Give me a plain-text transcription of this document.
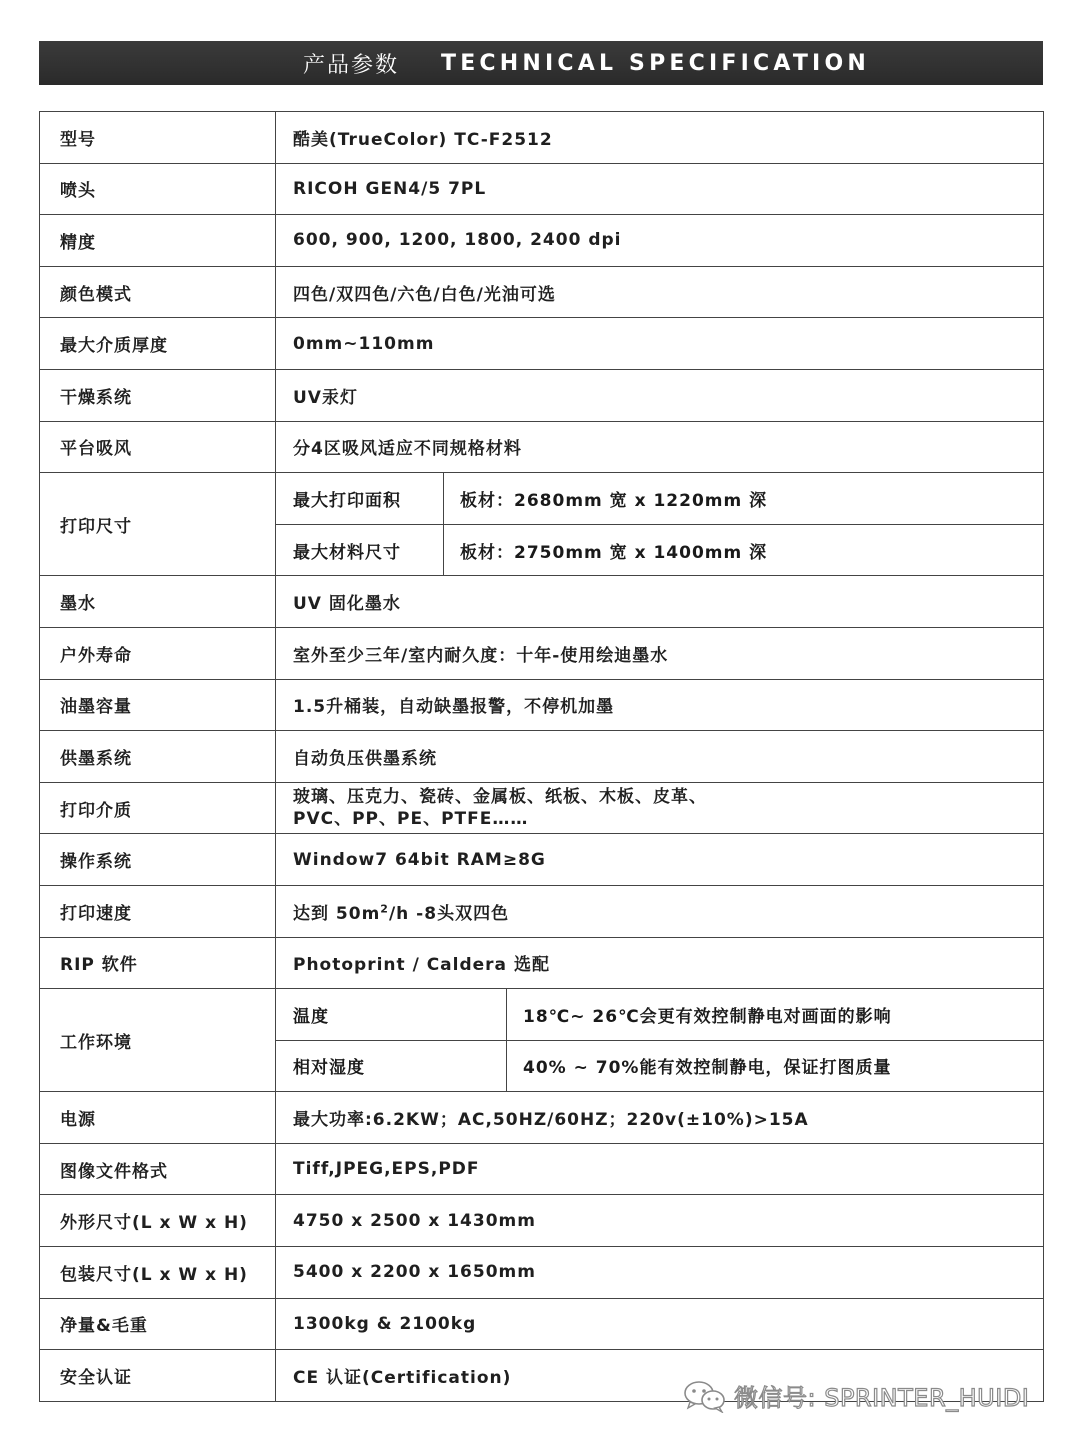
产品参数 TECHNICAL SPECIFICATION
型号	酷美(TrueColor) TC-F2512		
喷头	RICOH GEN4/5 7PL		
精度	600, 900, 1200, 1800, 2400 dpi		
颜色模式	四色/双四色/六色/白色/光油可选		
最大介质厚度	0mm~110mm		
干燥系统	UV汞灯		
平台吸风	分4区吸风适应不同规格材料		
打印尺寸	最大打印面积	板材：2680mm 宽 x 1220mm 深	
	最大材料尺寸	板材：2750mm 宽 x 1400mm 深	
墨水	UV 固化墨水		
户外寿命	室外至少三年/室内耐久度：十年-使用绘迪墨水		
油墨容量	1.5升桶装，自动缺墨报警，不停机加墨		
供墨系统	自动负压供墨系统		
打印介质	玻璃、压克力、瓷砖、金属板、纸板、木板、皮革、
PVC、PP、PE、PTFE……		

操作系统	Window7 64bit RAM≥8G		
打印速度	达到 $50m^2/h$ -8头双四色		
RIP 软件	Photoprint / Caldera 选配		
工作环境	温度		18℃~ 26℃会更有效控制静电对画面的影响
	相对湿度		40% ~ 70%能有效控制静电，保证打图质量
电源	最大功率:6.2KW；AC,50HZ/60HZ；220v(±10%)>15A		
图像文件格式	Tiff,JPEG,EPS,PDF		
外形尺寸(L x W x H)	4750 x 2500 x 1430mm		
包装尺寸(L x W x H)	5400 x 2200 x 1650mm		
净量&毛重	1300kg & 2100kg		
安全认证	CE 认证(Certification)		
微信号: SPRINTER_HUIDI
